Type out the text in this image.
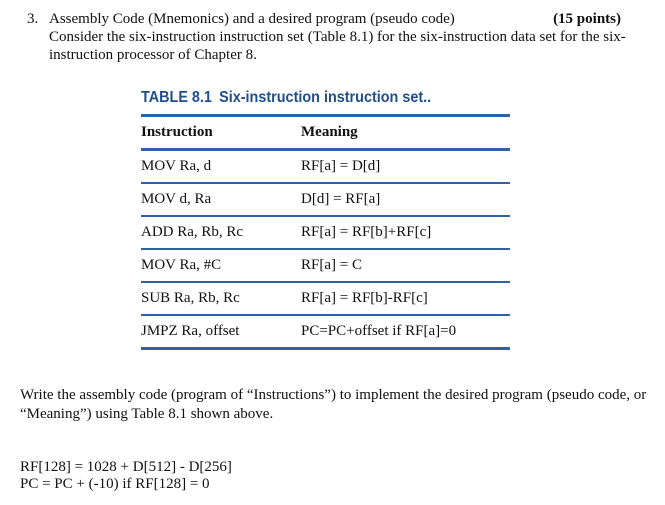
3. Assembly Code (Mnemonics) and a desired program (pseudo code)	(15 points)
Consider the six-instruction instruction set (Table 8.1) for the six-instruction data set for the six-instruction processor of Chapter 8.
TABLE 8.1 Six-instruction instruction set..
Instruction	Meaning
MOV Ra, d	RF[a] = D[d]
MOV d, Ra	D[d] = RF[a]
ADD Ra, Rb, Rc	RF[a] = RF[b]+RF[c]
MOV Ra, #C	RF[a] = C
SUB Ra, Rb, Rc	RF[a] = RF[b]-RF[c]
JMPZ Ra, offset	PC=PC+offset if RF[a]=0
Write the assembly code (program of “Instructions”) to implement the desired program (pseudo code, or “Meaning”) using Table 8.1 shown above.
RF[128] = 1028 + D[512] - D[256]
PC = PC + (-10) if RF[128] = 0
